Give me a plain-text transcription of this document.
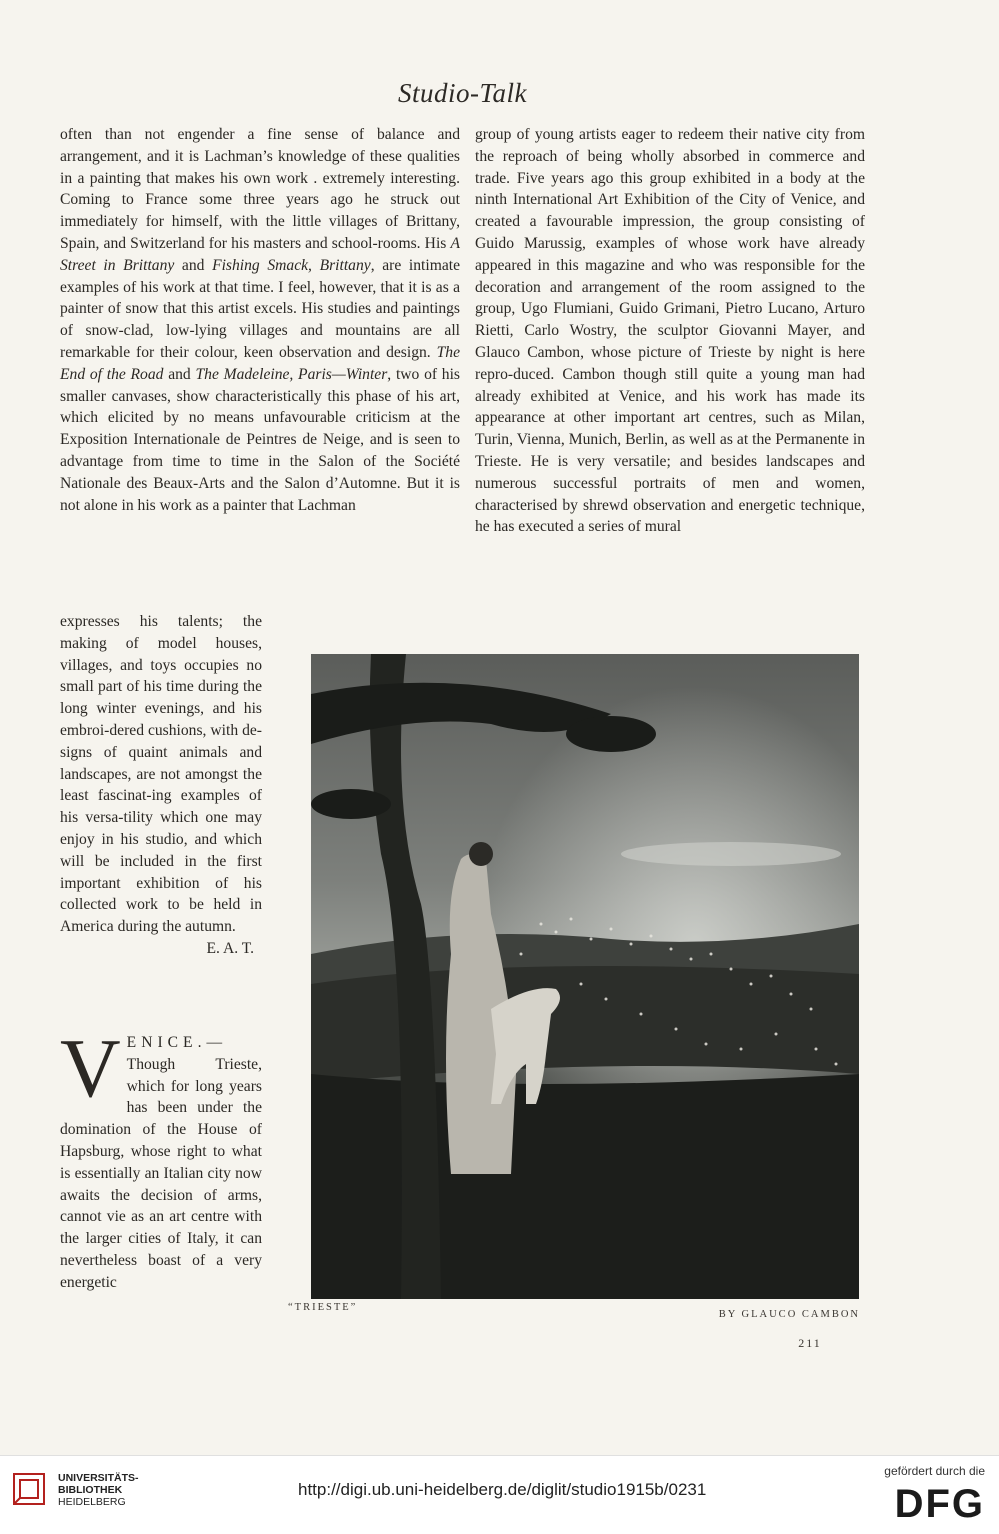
Studio-Talk

often than not engender a fine sense of balance and arrangement, and it is Lachman’s knowledge of these qualities in a painting that makes his own work . extremely interesting. Coming to France some three years ago he struck out immediately for himself, with the little villages of Brittany, Spain, and Switzerland for his masters and school-rooms. His A Street in Brittany and Fishing Smack, Brittany, are intimate examples of his work at that time. I feel, however, that it is as a painter of snow that this artist excels. His studies and paintings of snow-clad, low-lying villages and mountains are all remarkable for their colour, keen observation and design. The End of the Road and The Madeleine, Paris—Winter, two of his smaller canvases, show characteristically this phase of his art, which elicited by no means unfavourable criticism at the Exposition Internationale de Peintres de Neige, and is seen to advantage from time to time in the Salon of the Société Nationale des Beaux-Arts and the Salon d’Automne. But it is not alone in his work as a painter that Lachman

group of young artists eager to redeem their native city from the reproach of being wholly absorbed in commerce and trade. Five years ago this group exhibited in a body at the ninth International Art Exhibition of the City of Venice, and created a favourable impression, the group consisting of Guido Marussig, examples of whose work have already appeared in this magazine and who was responsible for the decoration and arrangement of the room assigned to the group, Ugo Flumiani, Guido Grimani, Pietro Lucano, Arturo Rietti, Carlo Wostry, the sculptor Giovanni Mayer, and Glauco Cambon, whose picture of Trieste by night is here repro-duced. Cambon though still quite a young man had already exhibited at Venice, and his work has made its appearance at other important art centres, such as Milan, Turin, Vienna, Munich, Berlin, as well as at the Permanente in Trieste. He is very versatile; and besides landscapes and numerous successful portraits of men and women, characterised by shrewd observation and energetic technique, he has executed a series of mural

expresses his talents; the making of model houses, villages, and toys occupies no small part of his time during the long winter evenings, and his embroi-dered cushions, with de-signs of quaint animals and landscapes, are not amongst the least fascinat-ing examples of his versa-tility which one may enjoy in his studio, and which will be included in the first important exhibition of his collected work to be held in America during the autumn.

E. A. T.

VENICE.— Though Trieste, which for long years has been under the domination of the House of Hapsburg, whose right to what is essentially an Italian city now awaits the decision of arms, cannot vie as an art centre with the larger cities of Italy, it can nevertheless boast of a very energetic

“TRIESTE”
BY GLAUCO CAMBON
211
UNIVERSITÄTS-
BIBLIOTHEK
HEIDELBERG
http://digi.ub.uni-heidelberg.de/diglit/studio1915b/0231
gefördert durch die
DFG
